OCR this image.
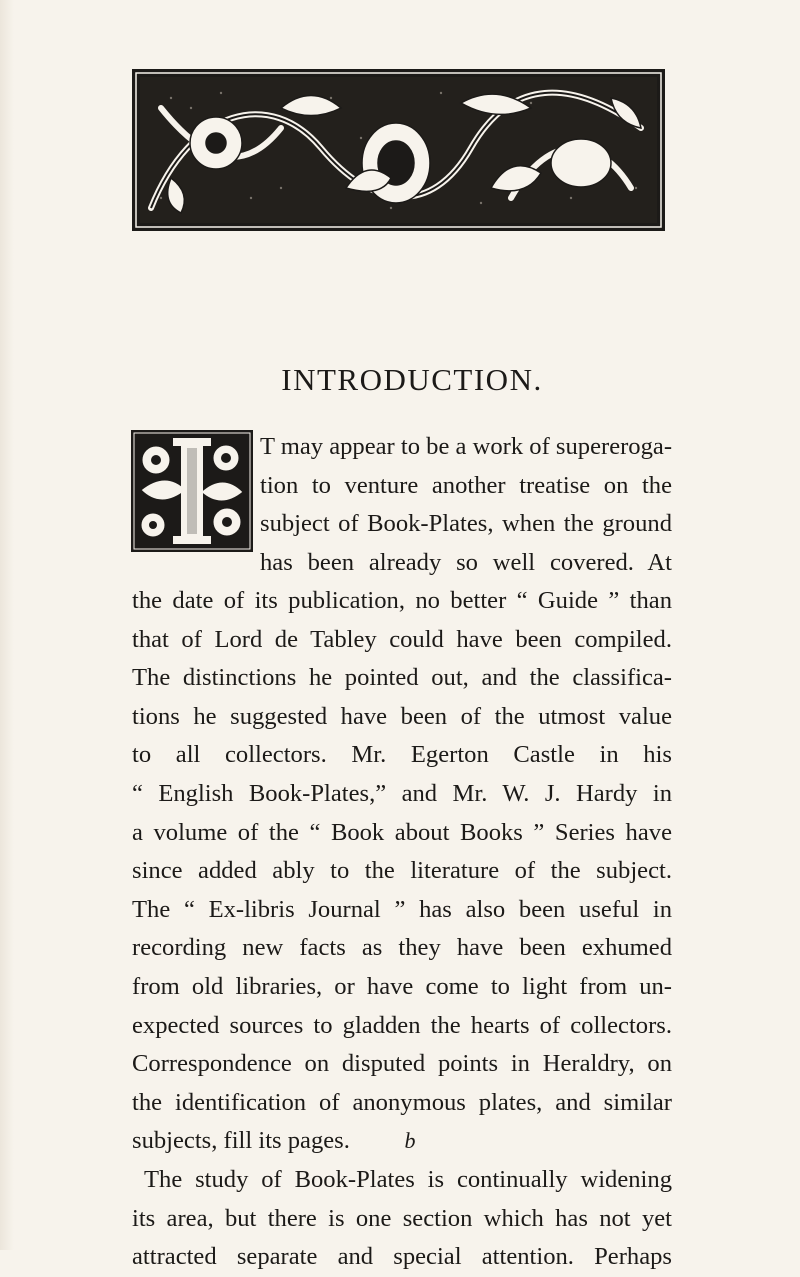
INTRODUCTION.
T may appear to be a work of supereroga-
tion to venture another treatise on the
subject of Book-Plates, when the ground
has been already so well covered. At
the date of its publication, no better “ Guide ” than
that of Lord de Tabley could have been compiled.
The distinctions he pointed out, and the classifica-
tions he suggested have been of the utmost value
to all collectors. Mr. Egerton Castle in his
“ English Book-Plates,” and Mr. W. J. Hardy in
a volume of the “ Book about Books ” Series have
since added ably to the literature of the subject.
The “ Ex-libris Journal ” has also been useful in
recording new facts as they have been exhumed
from old libraries, or have come to light from un-
expected sources to gladden the hearts of collectors.
Correspondence on disputed points in Heraldry, on
the identification of anonymous plates, and similar
subjects, fill its pages.
The study of Book-Plates is continually widening
its area, but there is one section which has not yet
attracted separate and special attention. Perhaps
b
